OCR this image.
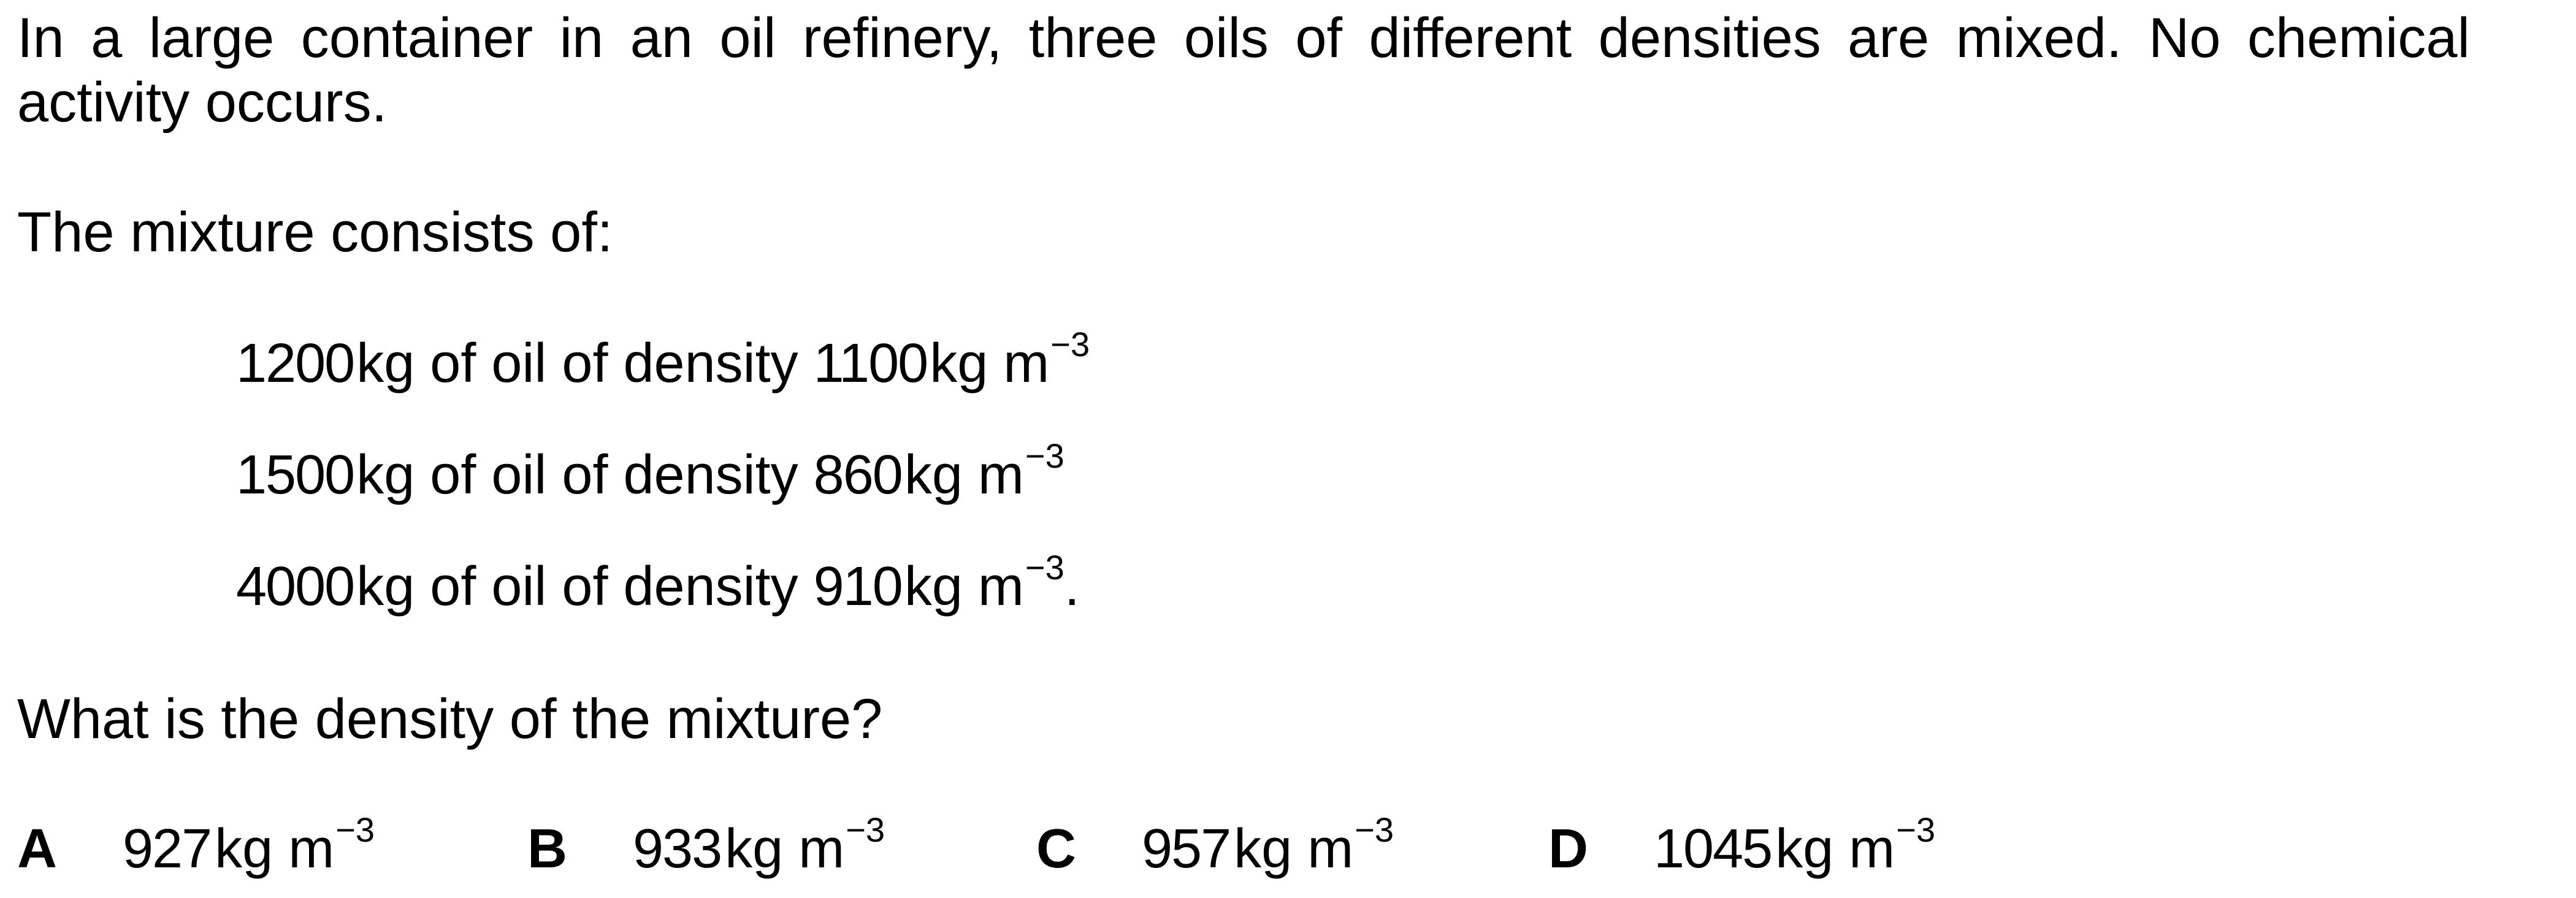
In a large container in an oil refinery, three oils of different densities are mixed. No chemical
activity occurs.
The mixture consists of:
1200kg of oil of density 1100kg $m^{-3}$
1500kg of oil of density 860kg $m^{-3}$
4000kg of oil of density 910kg $m^{-3}$.
What is the density of the mixture?
A 927kg $m^{-3}$	B 933kg $m^{-3}$	C 957kg $m^{-3}$	D 1045kg $m^{-3}$
